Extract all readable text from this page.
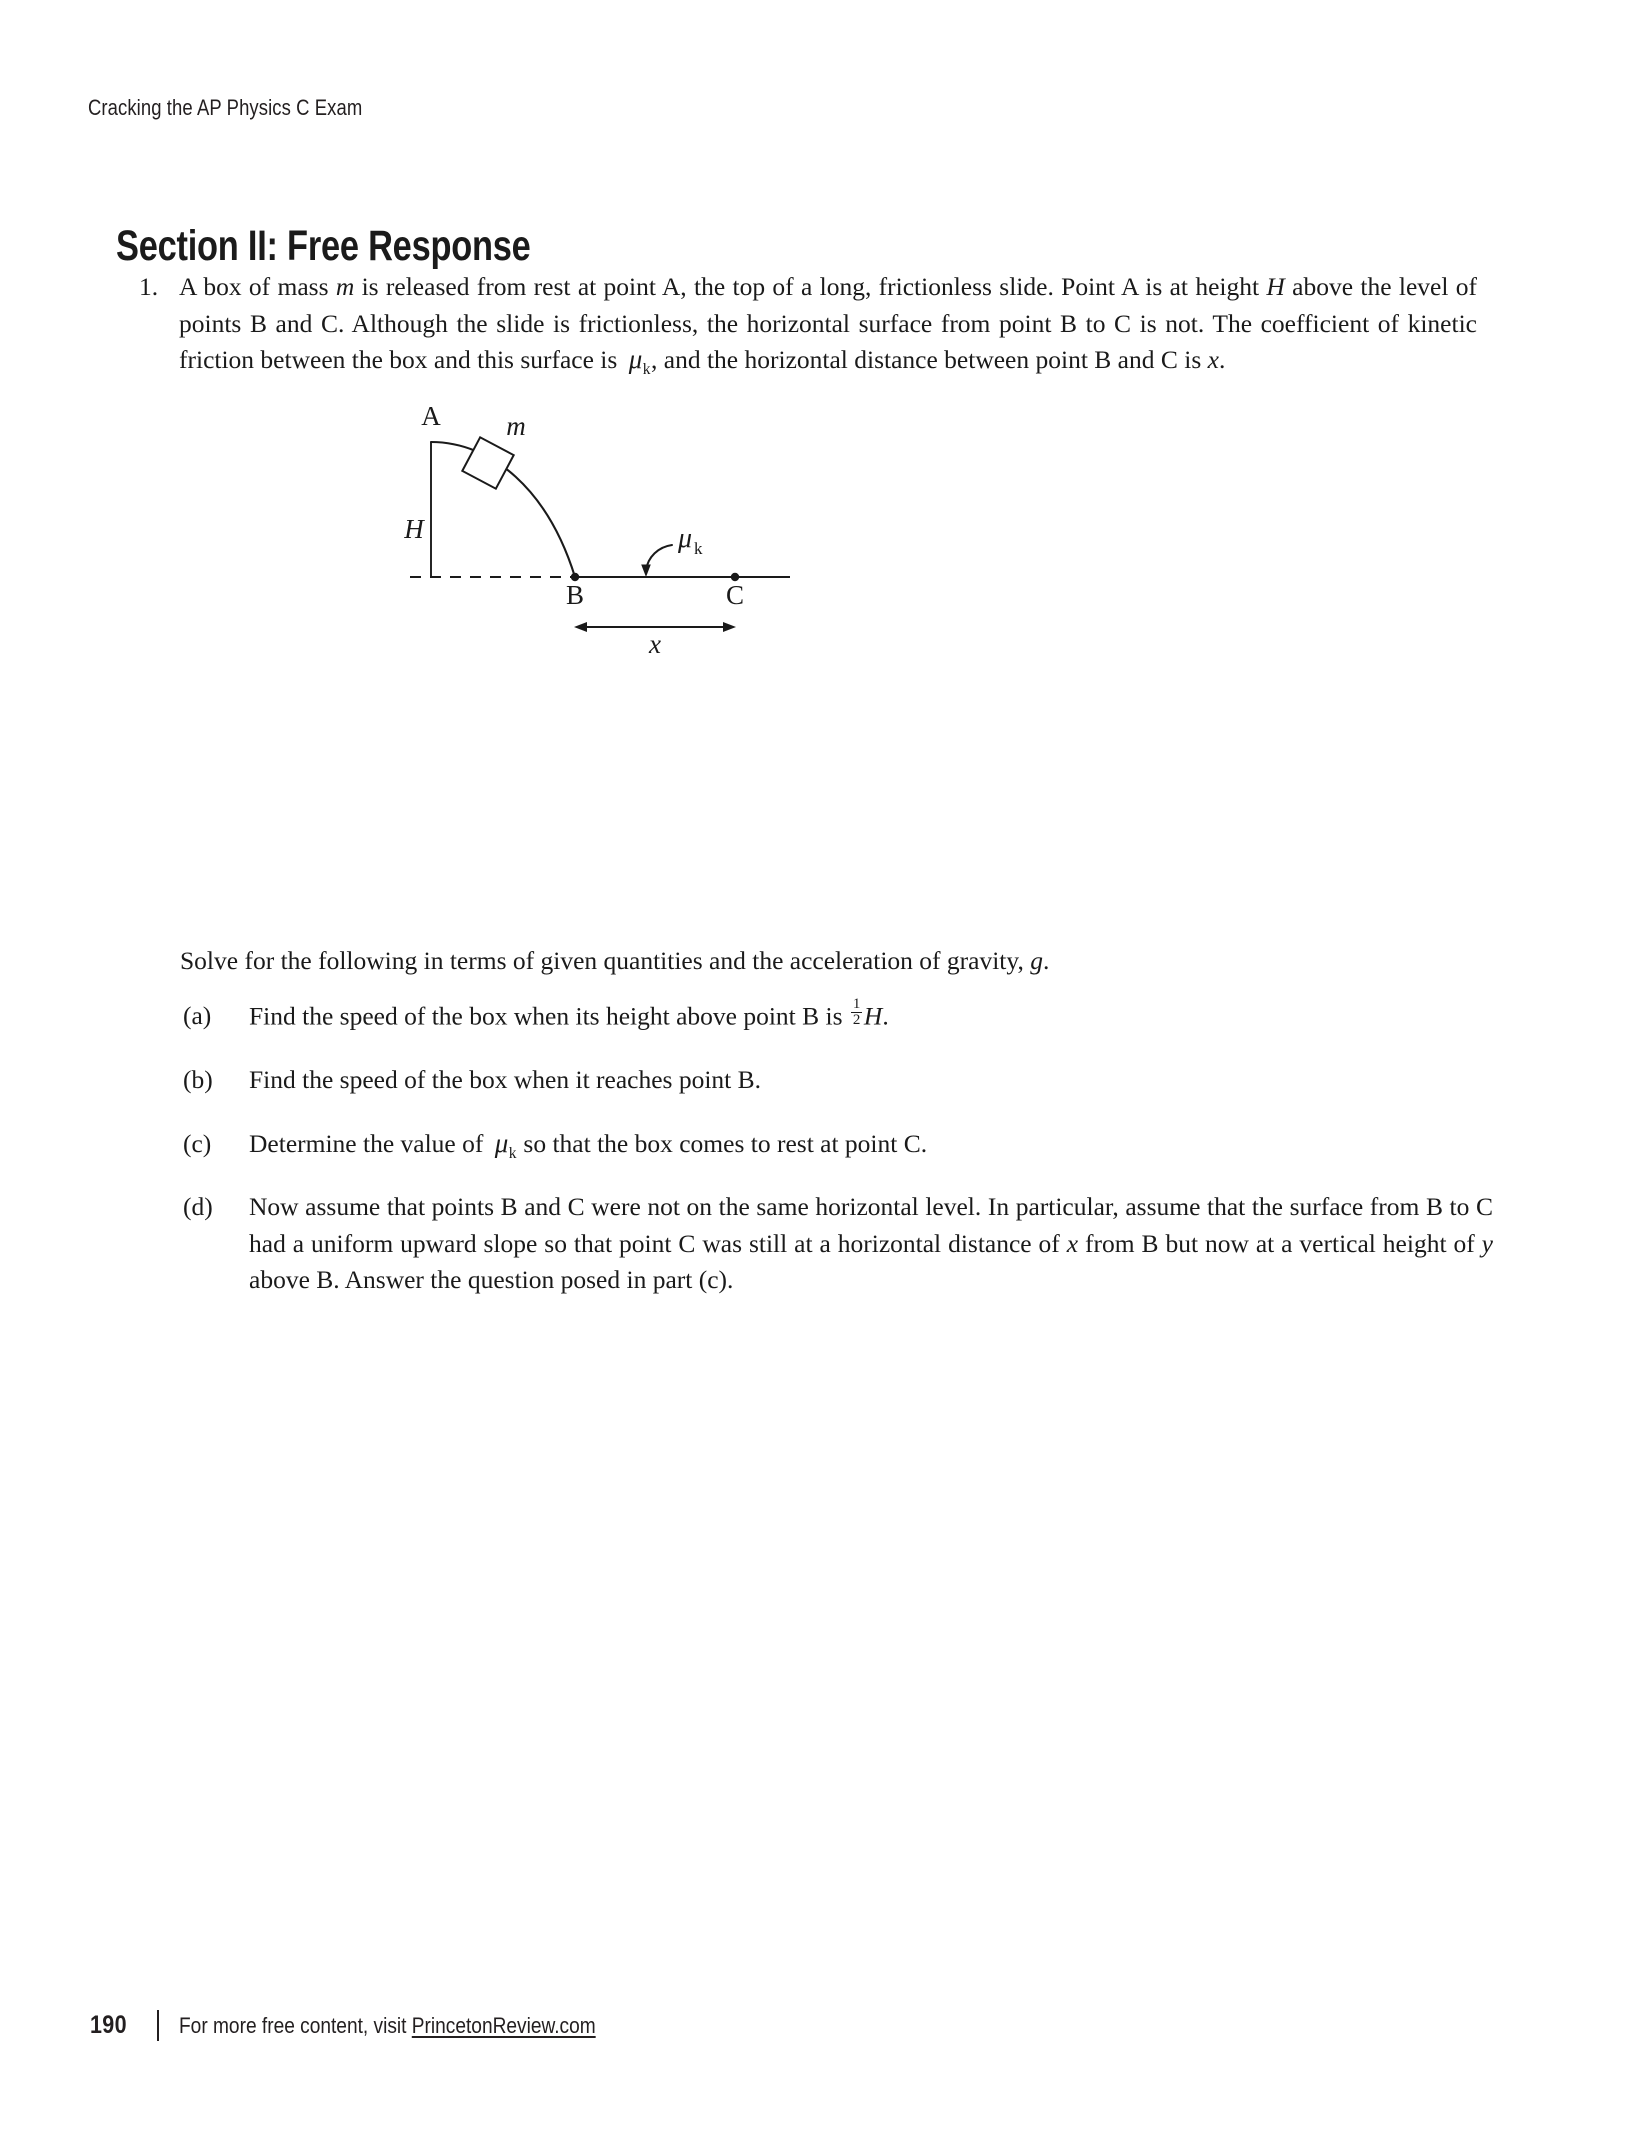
Cracking the AP Physics C Exam
Section II: Free Response
1. A box of mass m is released from rest at point A, the top of a long, frictionless slide. Point A is at height H above the level of points B and C. Although the slide is frictionless, the horizontal surface from point B to C is not. The coefficient of kinetic friction between the box and this surface is $\mu_k$, and the horizontal distance between point B and C is x.
A
H
m
B	C
x
μ k
Solve for the following in terms of given quantities and the acceleration of gravity, g.
(a)	Find the speed of the box when its height above point B is $\frac{1}{2} H$.
(b)	Find the speed of the box when it reaches point B.
(c)	Determine the value of $\mu_k$ so that the box comes to rest at point C.
(d)	Now assume that points B and C were not on the same horizontal level. In particular, assume that the surface from B to C had a uniform upward slope so that point C was still at a horizontal distance of x from B but now at a vertical height of y above B. Answer the question posed in part (c).
190 For more free content, visit PrincetonReview.com
